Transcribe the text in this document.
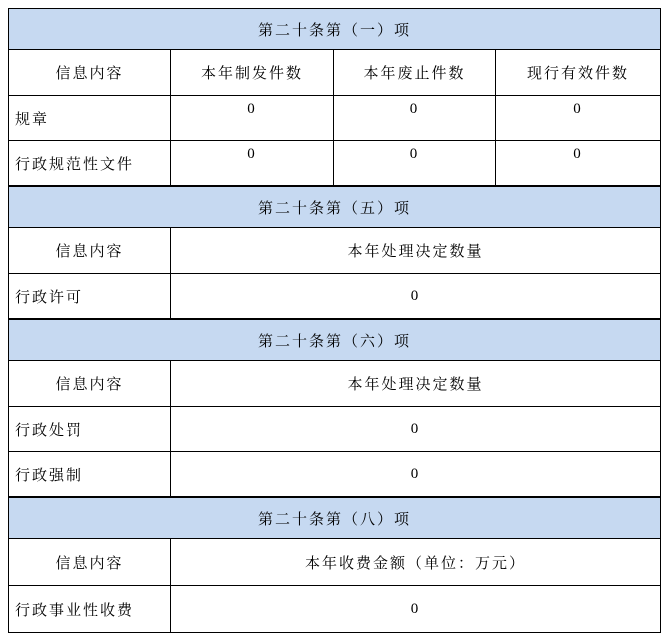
第二十条第（一）项			
信息内容	本年制发件数	本年废止件数	现行有效件数
规章	0	0	0
行政规范性文件	0	0	0
第二十条第（五）项	
信息内容	本年处理决定数量
行政许可	0
第二十条第（六）项	
信息内容	本年处理决定数量
行政处罚	0
行政强制	0
第二十条第（八）项	
信息内容	本年收费金额（单位：万元）
行政事业性收费	0
